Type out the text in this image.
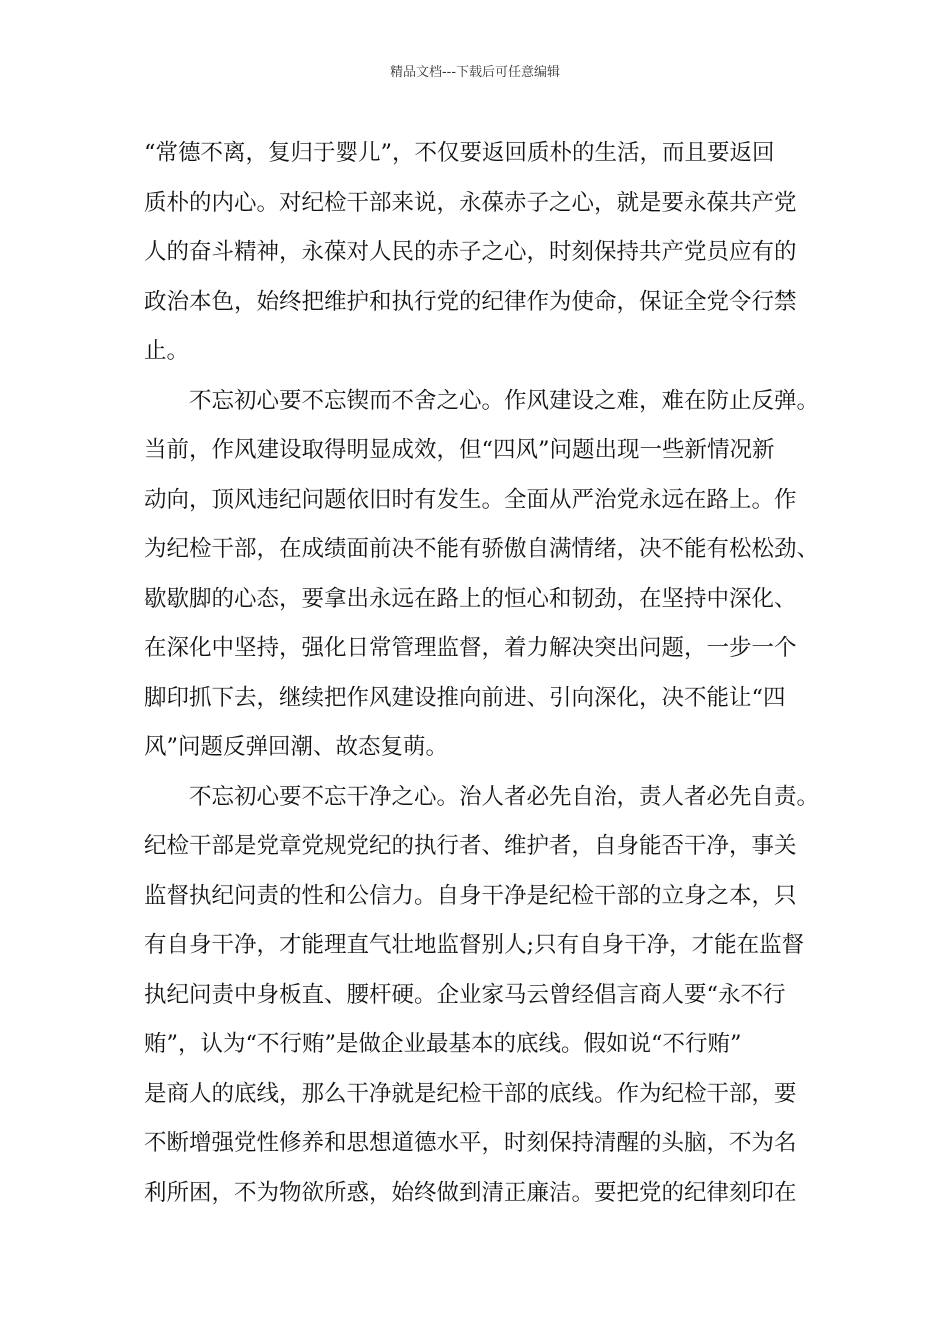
精品文档---下载后可任意编辑
“常德不离，复归于婴儿”，不仅要返回质朴的生活，而且要返回
质朴的内心。对纪检干部来说，永葆赤子之心，就是要永葆共产党
人的奋斗精神，永葆对人民的赤子之心，时刻保持共产党员应有的
政治本色，始终把维护和执行党的纪律作为使命，保证全党令行禁
止。
不忘初心要不忘锲而不舍之心。作风建设之难，难在防止反弹。
当前，作风建设取得明显成效，但“四风”问题出现一些新情况新
动向，顶风违纪问题依旧时有发生。全面从严治党永远在路上。作
为纪检干部，在成绩面前决不能有骄傲自满情绪，决不能有松松劲、
歇歇脚的心态，要拿出永远在路上的恒心和韧劲，在坚持中深化、
在深化中坚持，强化日常管理监督，着力解决突出问题，一步一个
脚印抓下去，继续把作风建设推向前进、引向深化，决不能让“四
风”问题反弹回潮、故态复萌。
不忘初心要不忘干净之心。治人者必先自治，责人者必先自责。
纪检干部是党章党规党纪的执行者、维护者，自身能否干净，事关
监督执纪问责的性和公信力。自身干净是纪检干部的立身之本，只
有自身干净，才能理直气壮地监督别人;只有自身干净，才能在监督
执纪问责中身板直、腰杆硬。企业家马云曾经倡言商人要“永不行
贿”，认为“不行贿”是做企业最基本的底线。假如说“不行贿”
是商人的底线，那么干净就是纪检干部的底线。作为纪检干部，要
不断增强党性修养和思想道德水平，时刻保持清醒的头脑，不为名
利所困，不为物欲所惑，始终做到清正廉洁。要把党的纪律刻印在
